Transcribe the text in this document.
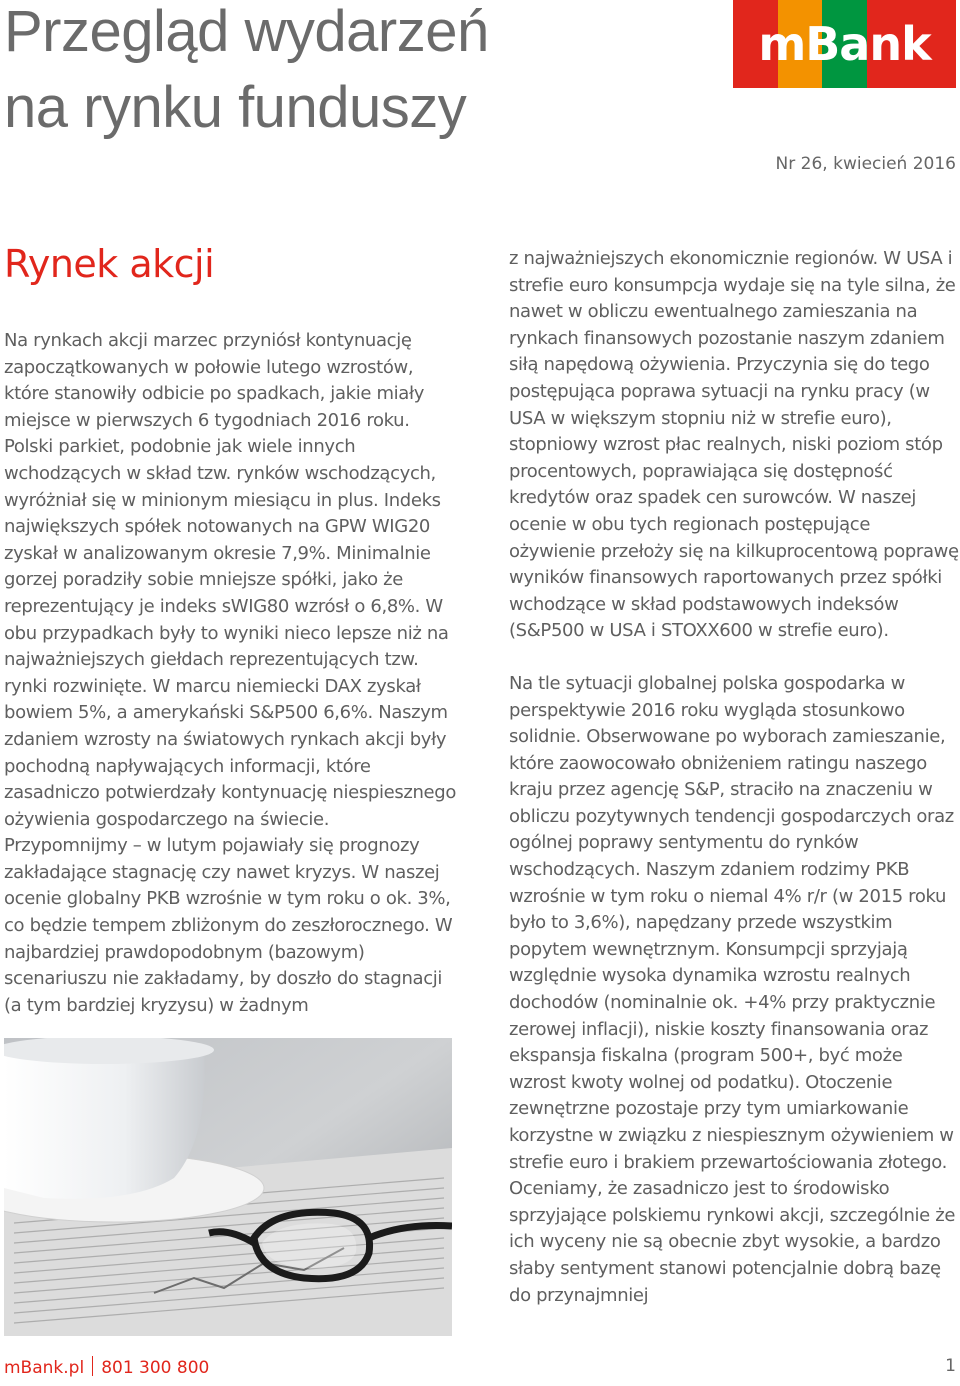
Przegląd wydarzeń
na rynku funduszy
mBank
Nr 26, kwiecień 2016
Rynek akcji

Na rynkach akcji marzec przyniósł kontynuację zapoczątkowanych w połowie lutego wzrostów, które stanowiły odbicie po spadkach, jakie miały miejsce w pierwszych 6 tygodniach 2016 roku. Polski parkiet, podobnie jak wiele innych wchodzących w skład tzw. rynków wschodzących, wyróżniał się w minionym miesiącu in plus. Indeks największych spółek notowanych na GPW WIG20 zyskał w analizowanym okresie 7,9%. Minimalnie gorzej poradziły sobie mniejsze spółki, jako że reprezentujący je indeks sWIG80 wzrósł o 6,8%. W obu przypadkach były to wyniki nieco lepsze niż na najważniejszych giełdach reprezentujących tzw. rynki rozwinięte. W marcu niemiecki DAX zyskał bowiem 5%, a amerykański S&P500 6,6%. Naszym zdaniem wzrosty na światowych rynkach akcji były pochodną napływających informacji, które zasadniczo potwierdzały kontynuację niespiesznego ożywienia gospodarczego na świecie. Przypomnijmy – w lutym pojawiały się prognozy zakładające stagnację czy nawet kryzys. W naszej ocenie globalny PKB wzrośnie w tym roku o ok. 3%, co będzie tempem zbliżonym do zeszłorocznego. W najbardziej prawdopodobnym (bazowym) scenariuszu nie zakładamy, by doszło do stagnacji (a tym bardziej kryzysu) w żadnym

z najważniejszych ekonomicznie regionów. W USA i strefie euro konsumpcja wydaje się na tyle silna, że nawet w obliczu ewentualnego zamieszania na rynkach finansowych pozostanie naszym zdaniem siłą napędową ożywienia. Przyczynia się do tego postępująca poprawa sytuacji na rynku pracy (w USA w większym stopniu niż w strefie euro), stopniowy wzrost płac realnych, niski poziom stóp procentowych, poprawiająca się dostępność kredytów oraz spadek cen surowców. W naszej ocenie w obu tych regionach postępujące ożywienie przełoży się na kilkuprocentową poprawę wyników finansowych raportowanych przez spółki wchodzące w skład podstawowych indeksów (S&P500 w USA i STOXX600 w strefie euro).

Na tle sytuacji globalnej polska gospodarka w perspektywie 2016 roku wygląda stosunkowo solidnie. Obserwowane po wyborach zamieszanie, które zaowocowało obniżeniem ratingu naszego kraju przez agencję S&P, straciło na znaczeniu w obliczu pozytywnych tendencji gospodarczych oraz ogólnej poprawy sentymentu do rynków wschodzących. Naszym zdaniem rodzimy PKB wzrośnie w tym roku o niemal 4% r/r (w 2015 roku było to 3,6%), napędzany przede wszystkim popytem wewnętrznym. Konsumpcji sprzyjają względnie wysoka dynamika wzrostu realnych dochodów (nominalnie ok. +4% przy praktycznie zerowej inflacji), niskie koszty finansowania oraz ekspansja fiskalna (program 500+, być może wzrost kwoty wolnej od podatku). Otoczenie zewnętrzne pozostaje przy tym umiarkowanie korzystne w związku z niespiesznym ożywieniem w strefie euro i brakiem przewartościowania złotego. Oceniamy, że zasadniczo jest to środowisko sprzyjające polskiemu rynkowi akcji, szczególnie że ich wyceny nie są obecnie zbyt wysokie, a bardzo słaby sentyment stanowi potencjalnie dobrą bazę do przynajmniej

mBank.pl 801 300 800	1
